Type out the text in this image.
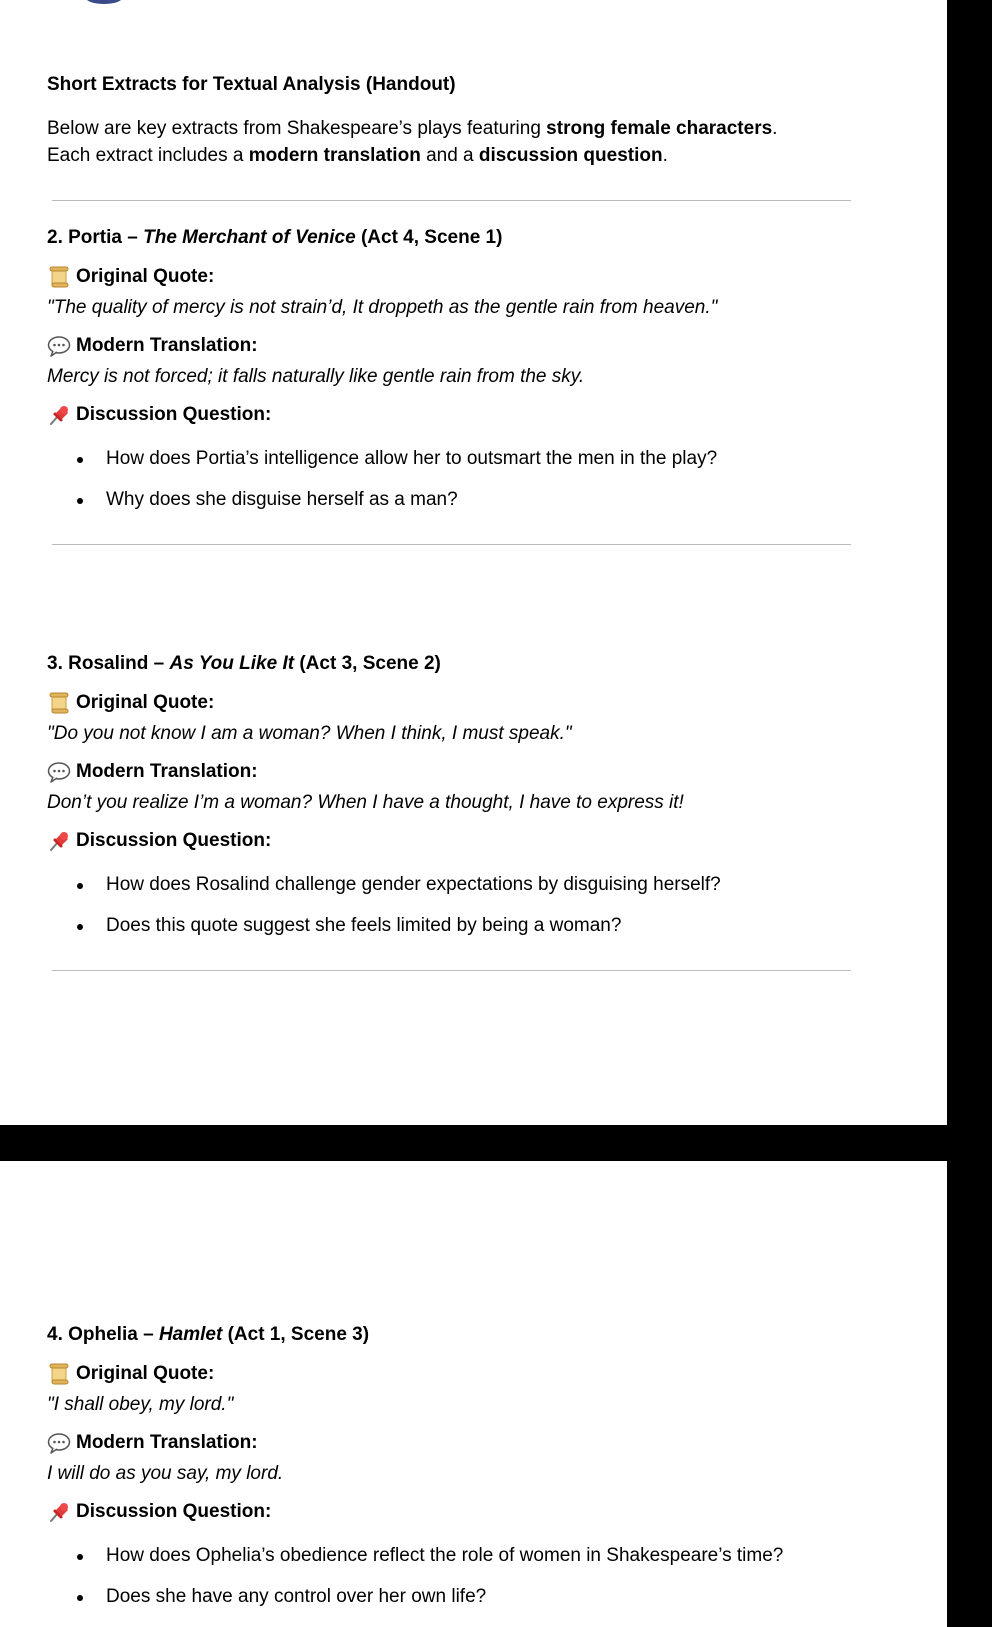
Short Extracts for Textual Analysis (Handout)
Below are key extracts from Shakespeare’s plays featuring strong female characters.
Each extract includes a modern translation and a discussion question.
2. Portia – The Merchant of Venice (Act 4, Scene 1)
Original Quote:
"The quality of mercy is not strain’d, It droppeth as the gentle rain from heaven."
Modern Translation:
Mercy is not forced; it falls naturally like gentle rain from the sky.
Discussion Question:
How does Portia’s intelligence allow her to outsmart the men in the play?
Why does she disguise herself as a man?
3. Rosalind – As You Like It (Act 3, Scene 2)
Original Quote:
"Do you not know I am a woman? When I think, I must speak."
Modern Translation:
Don’t you realize I’m a woman? When I have a thought, I have to express it!
Discussion Question:
How does Rosalind challenge gender expectations by disguising herself?
Does this quote suggest she feels limited by being a woman?
4. Ophelia – Hamlet (Act 1, Scene 3)
Original Quote:
"I shall obey, my lord."
Modern Translation:
I will do as you say, my lord.
Discussion Question:
How does Ophelia’s obedience reflect the role of women in Shakespeare’s time?
Does she have any control over her own life?
